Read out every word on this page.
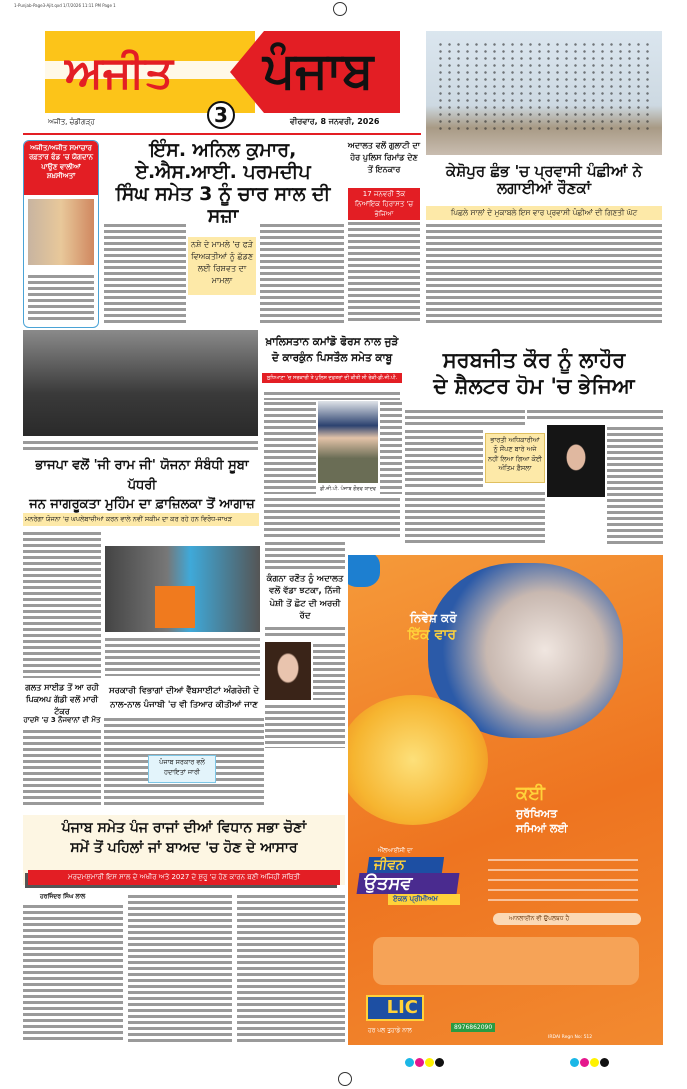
1-Punjab-Page3-Ajit.qxd 1/7/2026 11:11 PM Page 1
ਅਜੀਤ ਪੰਜਾਬ
3
ਅਜੀਤ, ਚੰਡੀਗੜ੍ਹ	ਵੀਰਵਾਰ, 8 ਜਨਵਰੀ, 2026
ਅਜੀਤ/ਅਜੀਤ ਸਮਾਚਾਰ ਰਫ਼ਤਾਰ ਫੰਡ 'ਚ ਯੋਗਦਾਨ ਪਾਉਣ ਵਾਲੀਆਂ ਸ਼ਖ਼ਸੀਅਤਾਂ
ਇੰਸ. ਅਨਿਲ ਕੁਮਾਰ, ਏ.ਐਸ.ਆਈ. ਪਰਮਦੀਪ
ਸਿੰਘ ਸਮੇਤ 3 ਨੂੰ ਚਾਰ ਸਾਲ ਦੀ ਸਜ਼ਾ
ਨਸ਼ੇ ਦੇ ਮਾਮਲੇ 'ਚ ਫੜੇ ਵਿਅਕਤੀਆਂ ਨੂੰ ਛੱਡਣ ਲਈ ਰਿਸ਼ਵਤ ਦਾ ਮਾਮਲਾ
ਅਦਾਲਤ ਵਲੋਂ ਗੁਲਾਟੀ ਦਾ ਹੋਰ ਪੁਲਿਸ ਰਿਮਾਂਡ ਦੇਣ ਤੋਂ ਇਨਕਾਰ
17 ਜਨਵਰੀ ਤੱਕ ਨਿਆਂਇਕ ਹਿਰਾਸਤ 'ਚ ਭੇਜਿਆ
ਕੇਸ਼ੋਪੁਰ ਛੰਭ 'ਚ ਪ੍ਰਵਾਸੀ ਪੰਛੀਆਂ ਨੇ ਲਗਾਈਆਂ ਰੌਣਕਾਂ
ਪਿਛਲੇ ਸਾਲਾਂ ਦੇ ਮੁਕਾਬਲੇ ਇਸ ਵਾਰ ਪ੍ਰਵਾਸੀ ਪੰਛੀਆਂ ਦੀ ਗਿਣਤੀ ਘੱਟ
ਭਾਜਪਾ ਵਲੋਂ 'ਜੀ ਰਾਮ ਜੀ' ਯੋਜਨਾ ਸੰਬੰਧੀ ਸੂਬਾ ਪੱਧਰੀ
ਜਨ ਜਾਗਰੂਕਤਾ ਮੁਹਿੰਮ ਦਾ ਫ਼ਾਜ਼ਿਲਕਾ ਤੋਂ ਆਗਾਜ਼
ਮਨਰੇਗਾ ਯੋਜਨਾ 'ਚ ਘਪਲੇਬਾਜ਼ੀਆਂ ਕਰਨ ਵਾਲੇ ਨਵੀਂ ਸਕੀਮ ਦਾ ਕਰ ਰਹੇ ਹਨ ਵਿਰੋਧ-ਜਾਖੜ
ਖ਼ਾਲਿਸਤਾਨ ਕਮਾਂਡੋ ਫੋਰਸ ਨਾਲ ਜੁੜੇ
ਦੋ ਕਾਰਕੁੰਨ ਪਿਸਤੌਲ ਸਮੇਤ ਕਾਬੂ
ਲੁਧਿਆਣਾ 'ਚ ਸਰਕਾਰੀ ਤੇ ਪੁਲਿਸ ਦਫ਼ਤਰਾਂ ਦੀ ਕੀਤੀ ਸੀ ਰੇਕੀ-ਡੀ.ਜੀ.ਪੀ.
ਡੀ.ਜੀ.ਪੀ. ਪੰਜਾਬ ਗੌਰਵ ਯਾਦਵ
ਸਰਬਜੀਤ ਕੌਰ ਨੂੰ ਲਾਹੌਰ
ਦੇ ਸ਼ੈਲਟਰ ਹੋਮ 'ਚ ਭੇਜਿਆ
ਭਾਰਤੀ ਅਧਿਕਾਰੀਆਂ ਨੂੰ ਸੌਂਪਣ ਬਾਰੇ ਅਜੇ ਨਹੀਂ ਲਿਆ ਗਿਆ ਕੋਈ ਅੰਤਿਮ ਫ਼ੈਸਲਾ
ਕੰਗਨਾ ਰਣੌਤ ਨੂੰ ਅਦਾਲਤ ਵਲੋਂ ਵੱਡਾ ਝਟਕਾ, ਨਿੱਜੀ ਪੇਸ਼ੀ ਤੋਂ ਛੋਟ ਦੀ ਅਰਜ਼ੀ ਰੱਦ
ਗਲਤ ਸਾਈਡ ਤੋਂ ਆ ਰਹੀ ਪਿਕਅਪ ਗੱਡੀ ਵਲੋਂ ਮਾਰੀ ਟੱਕਰ
ਹਾਦਸੇ 'ਚ 3 ਨੌਜਵਾਨਾਂ ਦੀ ਮੌਤ
ਸਰਕਾਰੀ ਵਿਭਾਗਾਂ ਦੀਆਂ ਵੈੱਬਸਾਈਟਾਂ ਅੰਗਰੇਜ਼ੀ ਦੇ
ਨਾਲ-ਨਾਲ ਪੰਜਾਬੀ 'ਚ ਵੀ ਤਿਆਰ ਕੀਤੀਆਂ ਜਾਣ
ਪੰਜਾਬ ਸਰਕਾਰ ਵਲੋਂ ਹਦਾਇਤਾਂ ਜਾਰੀ
ਪੰਜਾਬ ਸਮੇਤ ਪੰਜ ਰਾਜਾਂ ਦੀਆਂ ਵਿਧਾਨ ਸਭਾ ਚੋਣਾਂ
ਸਮੇਂ ਤੋਂ ਪਹਿਲਾਂ ਜਾਂ ਬਾਅਦ 'ਚ ਹੋਣ ਦੇ ਆਸਾਰ
ਮਰਦਮਸ਼ੁਮਾਰੀ ਇਸ ਸਾਲ ਦੇ ਅਖੀਰ ਅਤੇ 2027 ਦੇ ਸ਼ੁਰੂ 'ਚ ਹੋਣ ਕਾਰਨ ਬਣੀ ਅਜਿਹੀ ਸਥਿਤੀ
ਹਰਜਿੰਦਰ ਸਿੰਘ ਲਾਲ
ਨਿਵੇਸ਼ ਕਰੋ
ਇੱਕ ਵਾਰ
ਕਈ
ਸੁਰੱਖਿਅਤ
ਸਮਿਆਂ ਲਈ
ਐੱਲਆਈਸੀ ਦਾ
ਜੀਵਨ
ਉਤਸਵ
ਏਕਲ ਪ੍ਰੀਮੀਅਮ
ਆਨਲਾਈਨ ਵੀ ਉਪਲਬਧ ਹੈ
LIC
ਹਰ ਪਲ ਤੁਹਾਡੇ ਨਾਲ	8976862090
IRDAI Regn No: 512
